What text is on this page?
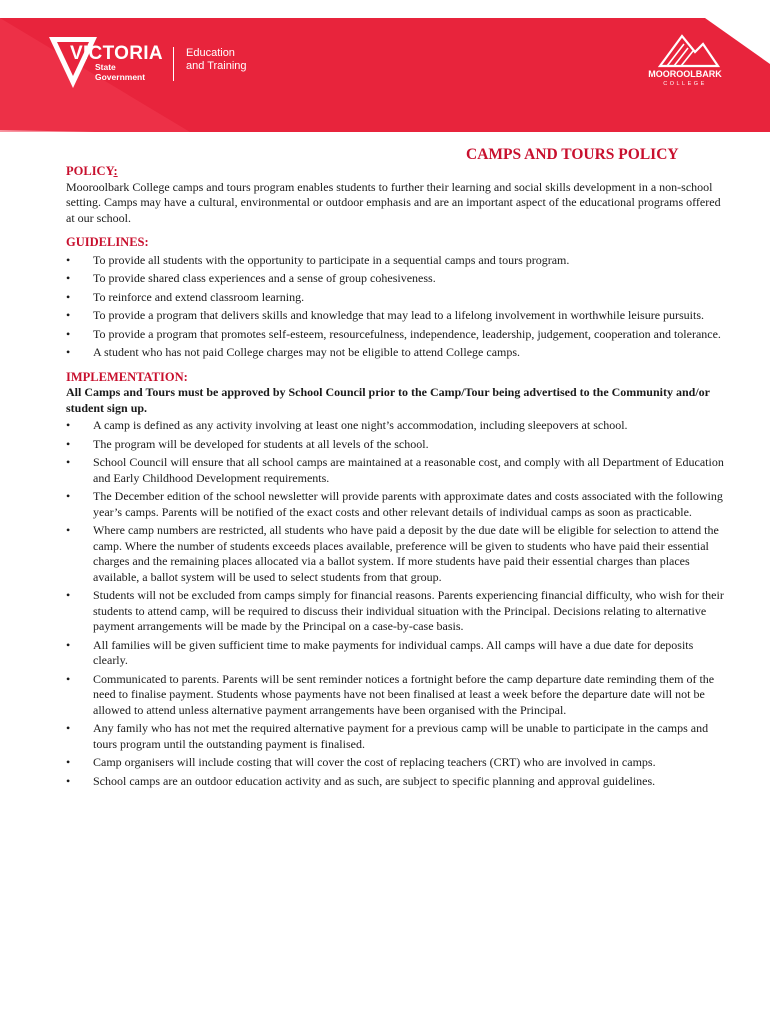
VICTORIA
State
Government
Education
and Training
MOOROOLBARK
COLLEGE
CAMPS AND TOURS POLICY
POLICY:

Mooroolbark College camps and tours program enables students to further their learning and social skills development in a non-school setting. Camps may have a cultural, environmental or outdoor emphasis and are an important aspect of the educational programs offered at our school.

GUIDELINES:
• To provide all students with the opportunity to participate in a sequential camps and tours program.
• To provide shared class experiences and a sense of group cohesiveness.
• To reinforce and extend classroom learning.
• To provide a program that delivers skills and knowledge that may lead to a lifelong involvement in worthwhile leisure pursuits.
• To provide a program that promotes self-esteem, resourcefulness, independence, leadership, judgement, cooperation and tolerance.
• A student who has not paid College charges may not be eligible to attend College camps.
IMPLEMENTATION:

All Camps and Tours must be approved by School Council prior to the Camp/Tour being advertised to the Community and/or student sign up.

• A camp is defined as any activity involving at least one night’s accommodation, including sleepovers at school.
• The program will be developed for students at all levels of the school.
• School Council will ensure that all school camps are maintained at a reasonable cost, and comply with all Department of Education and Early Childhood Development requirements.
• The December edition of the school newsletter will provide parents with approximate dates and costs associated with the following year’s camps. Parents will be notified of the exact costs and other relevant details of individual camps as soon as practicable.
• Where camp numbers are restricted, all students who have paid a deposit by the due date will be eligible for selection to attend the camp. Where the number of students exceeds places available, preference will be given to students who have paid their essential charges and the remaining places allocated via a ballot system. If more students have paid their essential charges than places available, a ballot system will be used to select students from that group.
• Students will not be excluded from camps simply for financial reasons. Parents experiencing financial difficulty, who wish for their students to attend camp, will be required to discuss their individual situation with the Principal. Decisions relating to alternative payment arrangements will be made by the Principal on a case-by-case basis.
• All families will be given sufficient time to make payments for individual camps. All camps will have a due date for deposits clearly.
• Communicated to parents. Parents will be sent reminder notices a fortnight before the camp departure date reminding them of the need to finalise payment. Students whose payments have not been finalised at least a week before the departure date will not be allowed to attend unless alternative payment arrangements have been organised with the Principal.
• Any family who has not met the required alternative payment for a previous camp will be unable to participate in the camps and tours program until the outstanding payment is finalised.
• Camp organisers will include costing that will cover the cost of replacing teachers (CRT) who are involved in camps.
• School camps are an outdoor education activity and as such, are subject to specific planning and approval guidelines.
